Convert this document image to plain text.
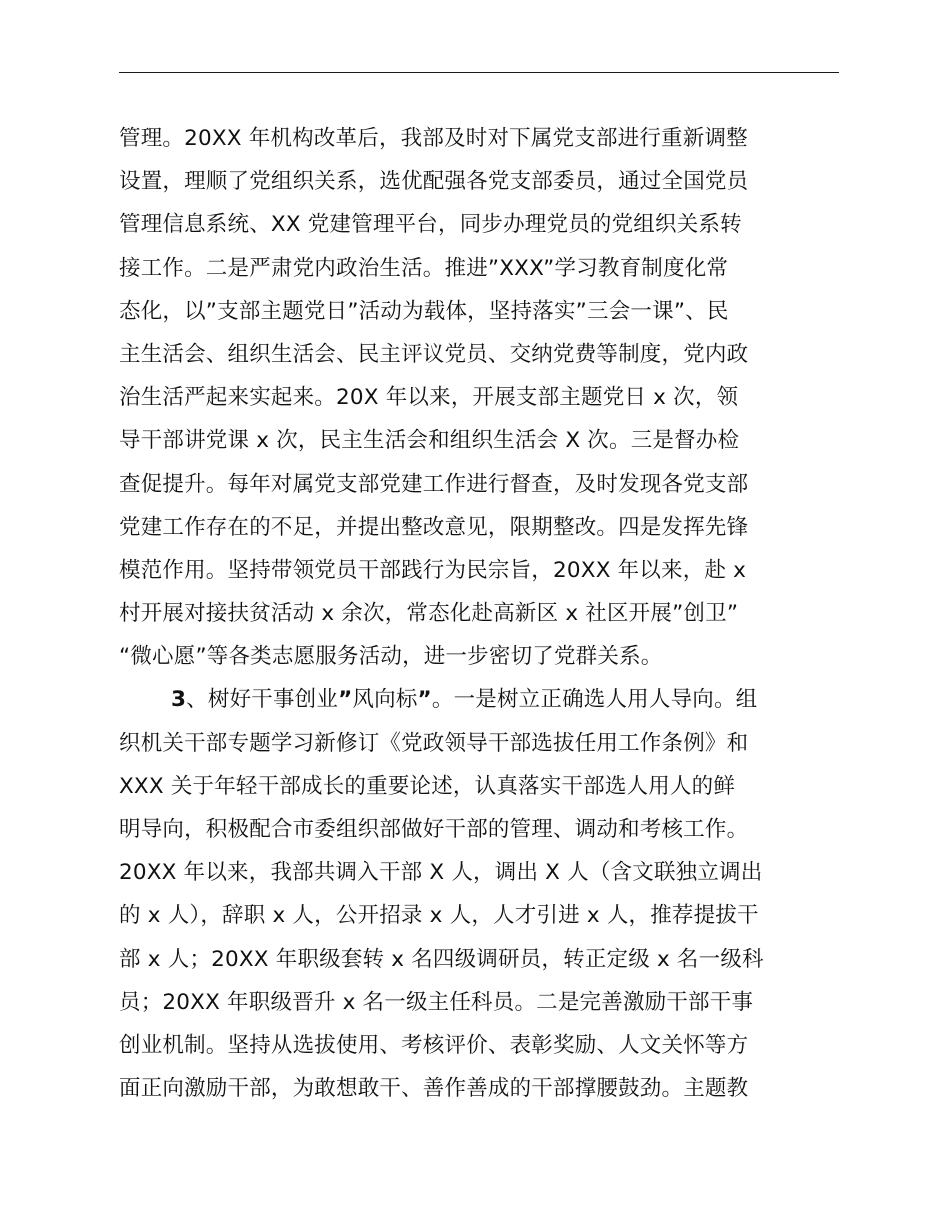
管理。20XX 年机构改革后，我部及时对下属党支部进行重新调整
设置，理顺了党组织关系，选优配强各党支部委员，通过全国党员
管理信息系统、XX 党建管理平台，同步办理党员的党组织关系转
接工作。二是严肃党内政治生活。推进”XXX”学习教育制度化常
态化，以”支部主题党日”活动为载体，坚持落实”三会一课”、民
主生活会、组织生活会、民主评议党员、交纳党费等制度，党内政
治生活严起来实起来。20X 年以来，开展支部主题党日 x 次，领
导干部讲党课 x 次，民主生活会和组织生活会 X 次。三是督办检
查促提升。每年对属党支部党建工作进行督查，及时发现各党支部
党建工作存在的不足，并提出整改意见，限期整改。四是发挥先锋
模范作用。坚持带领党员干部践行为民宗旨，20XX 年以来，赴 x
村开展对接扶贫活动 x 余次，常态化赴高新区 x 社区开展”创卫”
“微心愿”等各类志愿服务活动，进一步密切了党群关系。
3、树好干事创业”风向标”。一是树立正确选人用人导向。组
织机关干部专题学习新修订《党政领导干部选拔任用工作条例》和
XXX 关于年轻干部成长的重要论述，认真落实干部选人用人的鲜
明导向，积极配合市委组织部做好干部的管理、调动和考核工作。
20XX 年以来，我部共调入干部 X 人，调出 X 人（含文联独立调出
的 x 人），辞职 x 人，公开招录 x 人，人才引进 x 人，推荐提拔干
部 x 人；20XX 年职级套转 x 名四级调研员，转正定级 x 名一级科
员；20XX 年职级晋升 x 名一级主任科员。二是完善激励干部干事
创业机制。坚持从选拔使用、考核评价、表彰奖励、人文关怀等方
面正向激励干部，为敢想敢干、善作善成的干部撑腰鼓劲。主题教
